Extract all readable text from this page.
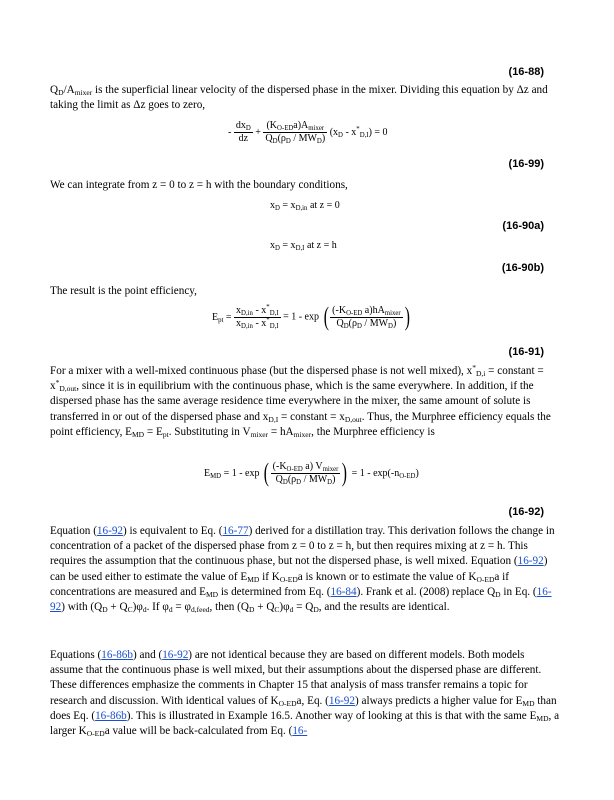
(16-88)
$Q_D/A_{mixer}$ is the superficial linear velocity of the dispersed phase in the mixer. Dividing this equation by Δz and taking the limit as Δz goes to zero,
- $\frac{dx_D}{dz} + \frac{(K_{O-ED}a)A_{mixer}}{Q_D(\rho_D / MW_D)} (x_D - x^*_{D,I}) = 0$
(16-99)
We can integrate from z = 0 to z = h with the boundary conditions,
$x_D = x_{D,in}$ at z = 0
(16-90a)
$x_D = x_{D,I}$ at z = h
(16-90b)
The result is the point efficiency,
$E_{pt} = \frac{x_{D,in} - x^*_{D,I}}{x_{D,in} - x^*_{D,I}} = 1 - \exp$ ( $\frac{(-K_{O-ED} a)hA_{mixer}}{Q_D(\rho_D / MW_D)}$ )
(16-91)
For a mixer with a well-mixed continuous phase (but the dispersed phase is not well mixed), $x^*_{D,i}$ = constant = $x^*_{D,out}$, since it is in equilibrium with the continuous phase, which is the same everywhere. In addition, if the dispersed phase has the same average residence time everywhere in the mixer, the same amount of solute is transferred in or out of the dispersed phase and $x_{D,I}$ = constant = $x_{D,out}$. Thus, the Murphree efficiency equals the point efficiency, $E_{MD} = E_{pt}$. Substituting in $V_{mixer} = hA_{mixer}$, the Murphree efficiency is
$E_{MD} = 1 - \exp$ ( $\frac{(-K_{O-ED} a) V_{mixer}}{Q_D(\rho_D / MW_D)}$ ) = $1 - \exp(-n_{O-ED})$
(16-92)
Equation (16-92) is equivalent to Eq. (16-77) derived for a distillation tray. This derivation follows the change in concentration of a packet of the dispersed phase from z = 0 to z = h, but then requires mixing at z = h. This requires the assumption that the continuous phase, but not the dispersed phase, is well mixed. Equation (16-92) can be used either to estimate the value of $E_{MD}$ if $K_{O-ED}a$ is known or to estimate the value of $K_{O-ED}a$ if concentrations are measured and $E_{MD}$ is determined from Eq. (16-84). Frank et al. (2008) replace $Q_D$ in Eq. (16-92) with $(Q_D + Q_C)\varphi_d$. If $\varphi_d = \varphi_{d,feed}$, then $(Q_D + Q_C)\varphi_d = Q_D$, and the results are identical.
Equations (16-86b) and (16-92) are not identical because they are based on different models. Both models assume that the continuous phase is well mixed, but their assumptions about the dispersed phase are different. These differences emphasize the comments in Chapter 15 that analysis of mass transfer remains a topic for research and discussion. With identical values of $K_{O-ED}a$, Eq. (16-92) always predicts a higher value for $E_{MD}$ than does Eq. (16-86b). This is illustrated in Example 16.5. Another way of looking at this is that with the same $E_{MD}$, a larger $K_{O-ED}a$ value will be back-calculated from Eq. (16-
